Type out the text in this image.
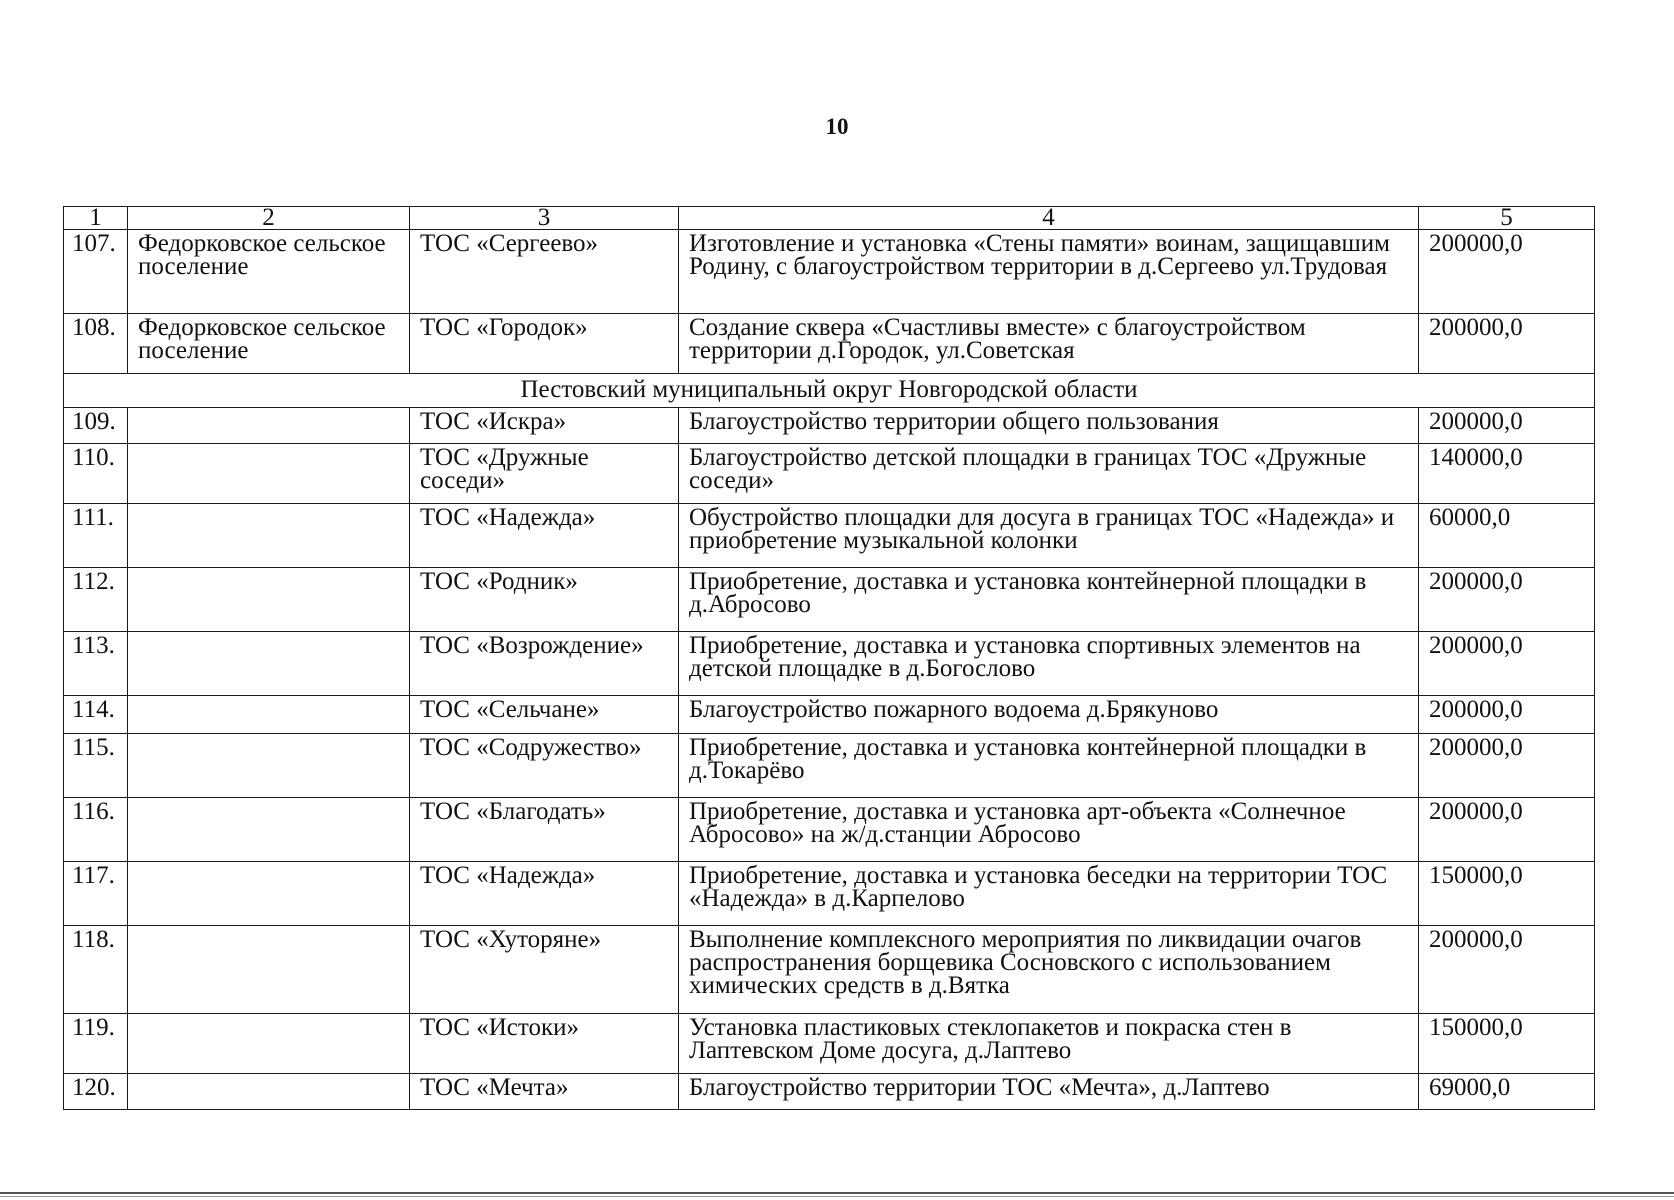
10
1	2	3	4	5
107.	Федорковское сельское поселение	ТОС «Сергеево»	Изготовление и установка «Стены памяти» воинам, защищавшим Родину, с благоустройством территории в д.Сергеево ул.Трудовая	200000,0
108.	Федорковское сельское поселение	ТОС «Городок»	Создание сквера «Счастливы вместе» с благоустройством территории д.Городок, ул.Советская	200000,0
Пестовский муниципальный округ Новгородской области				
109.		ТОС «Искра»	Благоустройство территории общего пользования	200000,0
110.		ТОС «Дружные соседи»	Благоустройство детской площадки в границах ТОС «Дружные соседи»	140000,0
111.		ТОС «Надежда»	Обустройство площадки для досуга в границах ТОС «Надежда» и приобретение музыкальной колонки	60000,0
112.		ТОС «Родник»	Приобретение, доставка и установка контейнерной площадки в д.Абросово	200000,0
113.		ТОС «Возрождение»	Приобретение, доставка и установка спортивных элементов на детской площадке в д.Богослово	200000,0
114.		ТОС «Сельчане»	Благоустройство пожарного водоема д.Брякуново	200000,0
115.		ТОС «Содружество»	Приобретение, доставка и установка контейнерной площадки в д.Токарёво	200000,0
116.		ТОС «Благодать»	Приобретение, доставка и установка арт-объекта «Солнечное Абросово» на ж/д.станции Абросово	200000,0
117.		ТОС «Надежда»	Приобретение, доставка и установка беседки на территории ТОС «Надежда» в д.Карпелово	150000,0
118.		ТОС «Хуторяне»	Выполнение комплексного мероприятия по ликвидации очагов распространения борщевика Сосновского с использованием химических средств в д.Вятка	200000,0
119.		ТОС «Истоки»	Установка пластиковых стеклопакетов и покраска стен в Лаптевском Доме досуга, д.Лаптево	150000,0
120.		ТОС «Мечта»	Благоустройство территории ТОС «Мечта», д.Лаптево	69000,0
